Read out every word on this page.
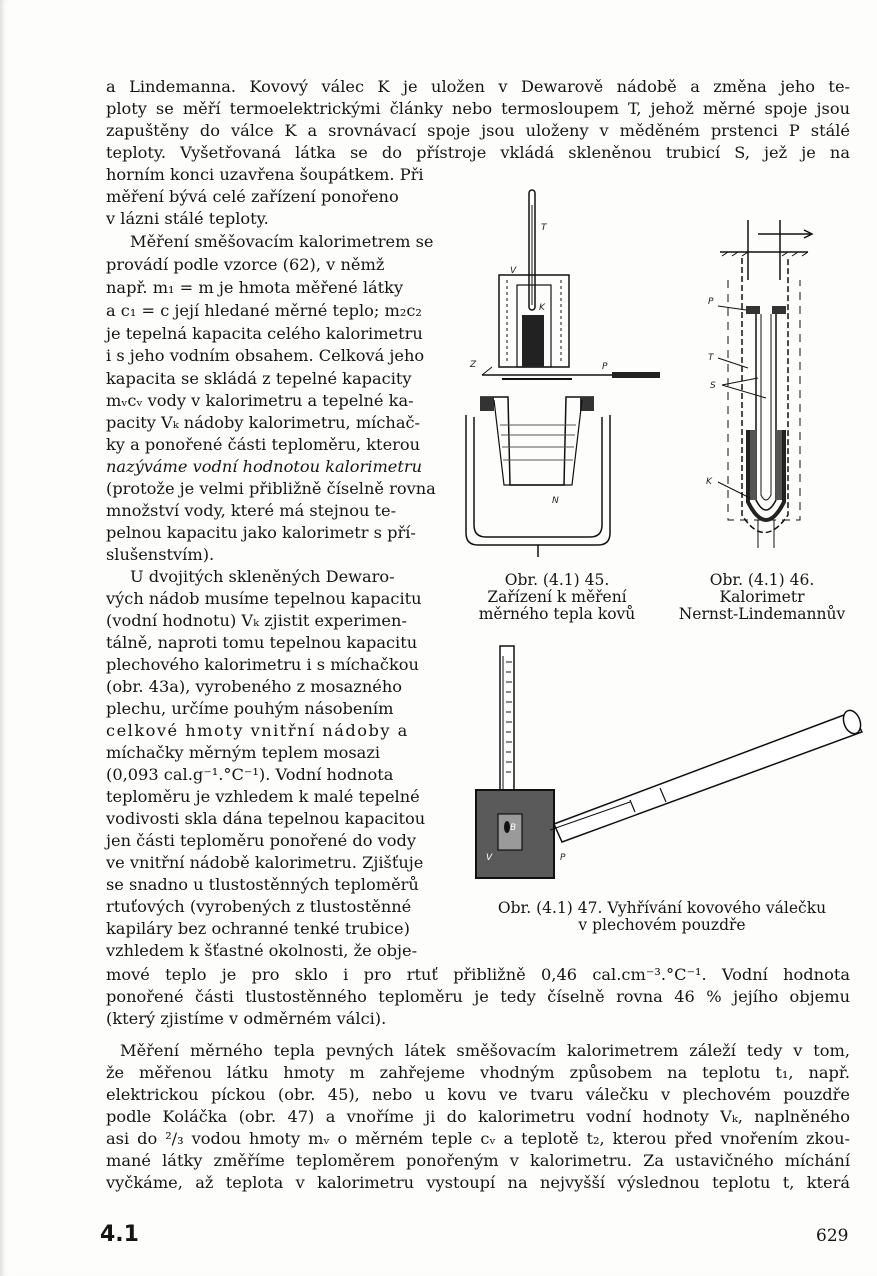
a Lindemanna. Kovový válec K je uložen v Dewarově nádobě a změna jeho te-
ploty se měří termoelektrickými články nebo termosloupem T, jehož měrné spoje jsou
zapuštěny do válce K a srovnávací spoje jsou uloženy v měděném prstenci P stálé
teploty. Vyšetřovaná látka se do přístroje vkládá skleněnou trubicí S, jež je na
horním konci uzavřena šoupátkem. Při
měření bývá celé zařízení ponořeno
v lázni stálé teploty.
Měření směšovacím kalorimetrem se
provádí podle vzorce (62), v němž
např. m₁ = m je hmota měřené látky
a c₁ = c její hledané měrné teplo; m₂c₂
je tepelná kapacita celého kalorimetru
i s jeho vodním obsahem. Celková jeho
kapacita se skládá z tepelné kapacity
mᵥcᵥ vody v kalorimetru a tepelné ka-
pacity Vₖ nádoby kalorimetru, míchač-
ky a ponořené části teploměru, kterou
nazýváme vodní hodnotou kalorimetru
(protože je velmi přibližně číselně rovna
množství vody, které má stejnou te-
pelnou kapacitu jako kalorimetr s pří-
slušenstvím).
U dvojitých skleněných Dewaro-
vých nádob musíme tepelnou kapacitu
(vodní hodnotu) Vₖ zjistit experimen-
tálně, naproti tomu tepelnou kapacitu
plechového kalorimetru i s míchačkou
(obr. 43a), vyrobeného z mosazného
plechu, určíme pouhým násobením
celkové hmoty vnitřní nádoby a
míchačky měrným teplem mosazi
(0,093 cal.g⁻¹.°C⁻¹). Vodní hodnota
teploměru je vzhledem k malé tepelné
vodivosti skla dána tepelnou kapacitou
jen části teploměru ponořené do vody
ve vnitřní nádobě kalorimetru. Zjišťuje
se snadno u tlustostěnných teploměrů
rtuťových (vyrobených z tlustostěnné
kapiláry bez ochranné tenké trubice)
vzhledem k šťastné okolnosti, že obje-
mové teplo je pro sklo i pro rtuť přibližně 0,46 cal.cm⁻³.°C⁻¹. Vodní hodnota
ponořené části tlustostěnného teploměru je tedy číselně rovna 46 % jejího objemu
(který zjistíme v odměrném válci).
Měření měrného tepla pevných látek směšovacím kalorimetrem záleží tedy v tom,
že měřenou látku hmoty m zahřejeme vhodným způsobem na teplotu t₁, např.
elektrickou píckou (obr. 45), nebo u kovu ve tvaru válečku v plechovém pouzdře
podle Koláčka (obr. 47) a vnoříme ji do kalorimetru vodní hodnoty Vₖ, naplněného
asi do ²/₃ vodou hmoty mᵥ o měrném teple cᵥ a teplotě t₂, kterou před vnořením zkou-
mané látky změříme teploměrem ponořeným v kalorimetru. Za ustavičného míchání
vyčkáme, až teplota v kalorimetru vystoupí na nejvyšší výslednou teplotu t, která
T
V
K
Z	P
N
Obr. (4.1) 45.
Zařízení k měření
měrného tepla kovů
P
T
S
K
Obr. (4.1) 46.
Kalorimetr
Nernst-Lindemannův
B
V	P
Obr. (4.1) 47. Vyhřívání kovového válečku
v plechovém pouzdře
4.1	629
